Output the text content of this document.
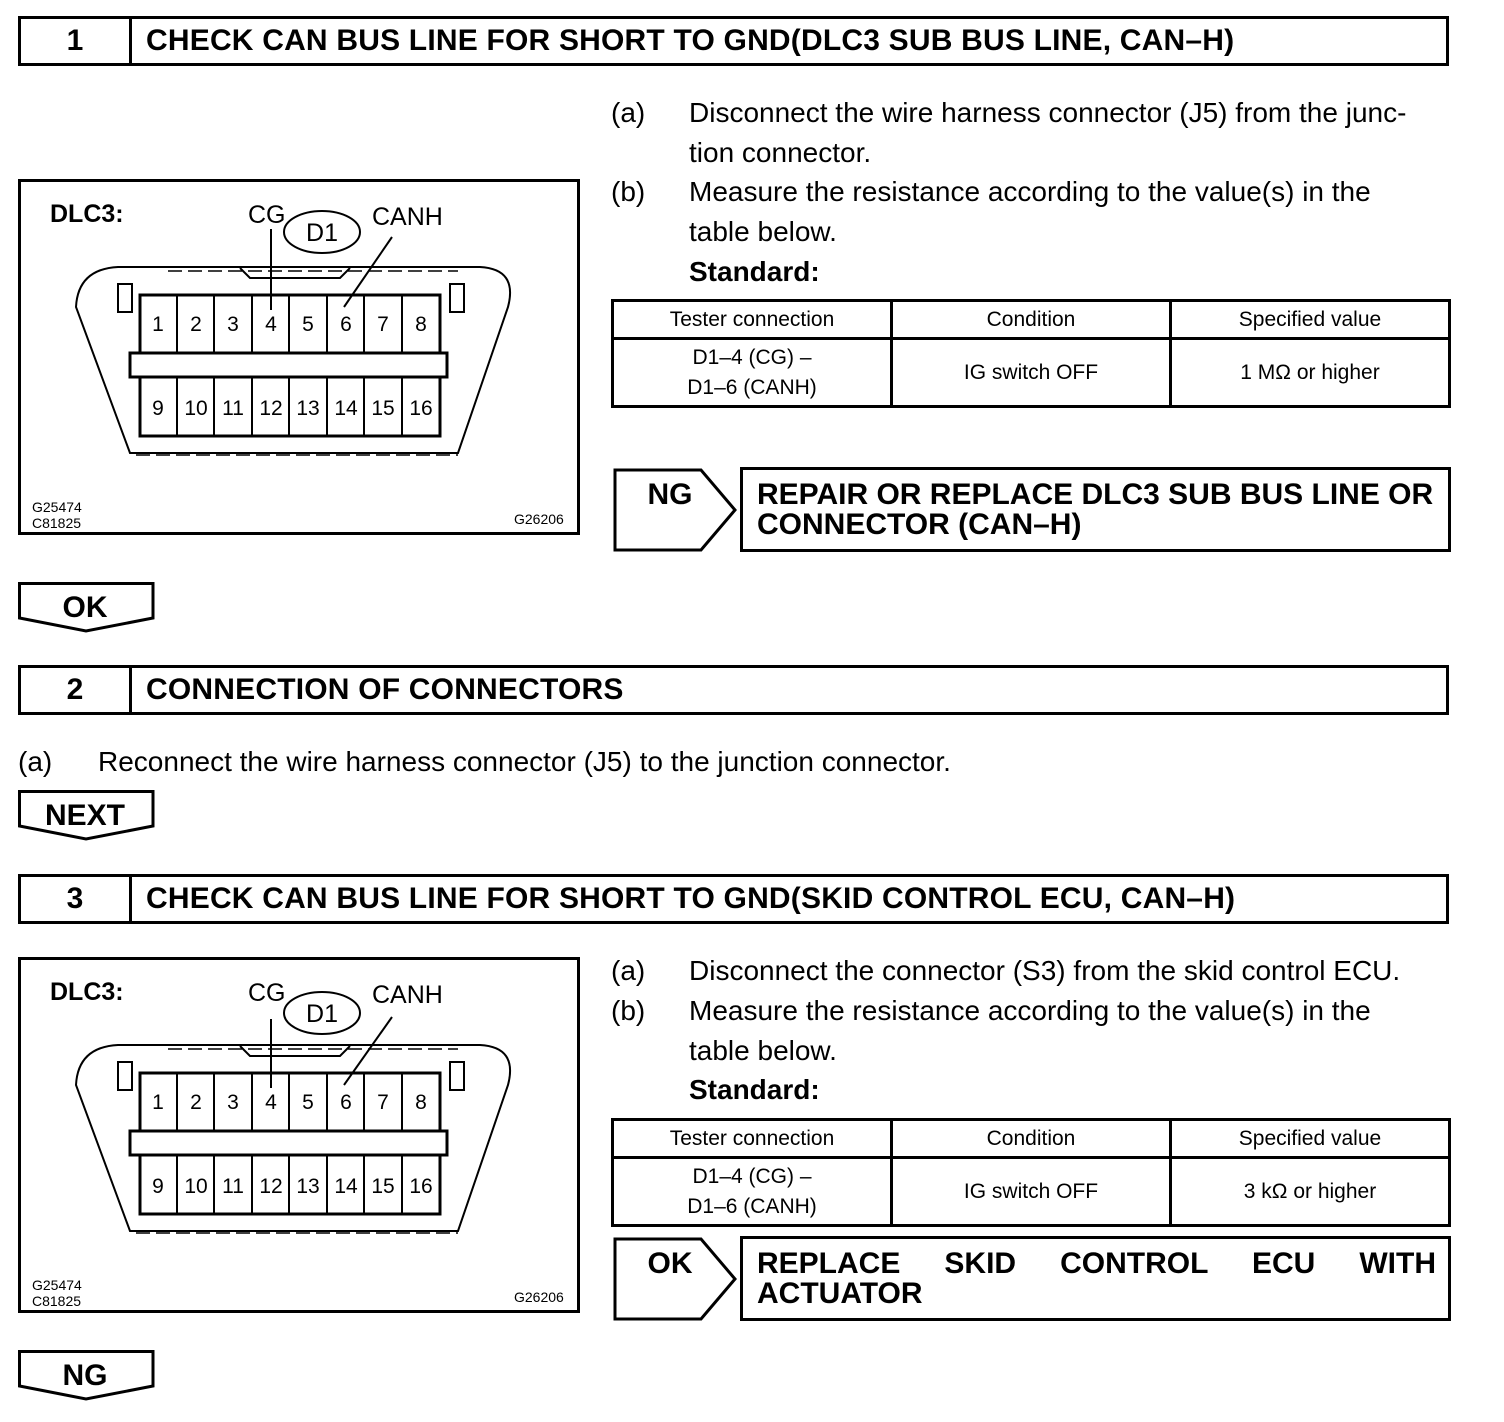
1	CHECK CAN BUS LINE FOR SHORT TO GND(DLC3 SUB BUS LINE, CAN–H)
DLC3:	CG
D1
CANH
1 2 3 4 5 6 7 8
9 10 11 12 13 14 15 16
G25474
C81825	G26206
(a) Disconnect the wire harness connector (J5) from the junc-
tion connector.
(b) Measure the resistance according to the value(s) in the
table below.
Standard:
Tester connection	Condition	Specified value
D1–4 (CG) –
D1–6 (CANH)	IG switch OFF	1 MΩ or higher
NG	REPAIR OR REPLACE DLC3 SUB BUS LINE OR
CONNECTOR (CAN–H)
OK
2	CONNECTION OF CONNECTORS
(a) Reconnect the wire harness connector (J5) to the junction connector.
NEXT
3	CHECK CAN BUS LINE FOR SHORT TO GND(SKID CONTROL ECU, CAN–H)
DLC3:	CG
D1
CANH
1 2 3 4 5 6 7 8
9 10 11 12 13 14 15 16
G25474
C81825	G26206
(a) Disconnect the connector (S3) from the skid control ECU.
(b) Measure the resistance according to the value(s) in the
table below.
Standard:
Tester connection	Condition	Specified value
D1–4 (CG) –
D1–6 (CANH)	IG switch OFF	3 kΩ or higher
OK	REPLACE SKID CONTROL ECU WITH
ACTUATOR
NG
